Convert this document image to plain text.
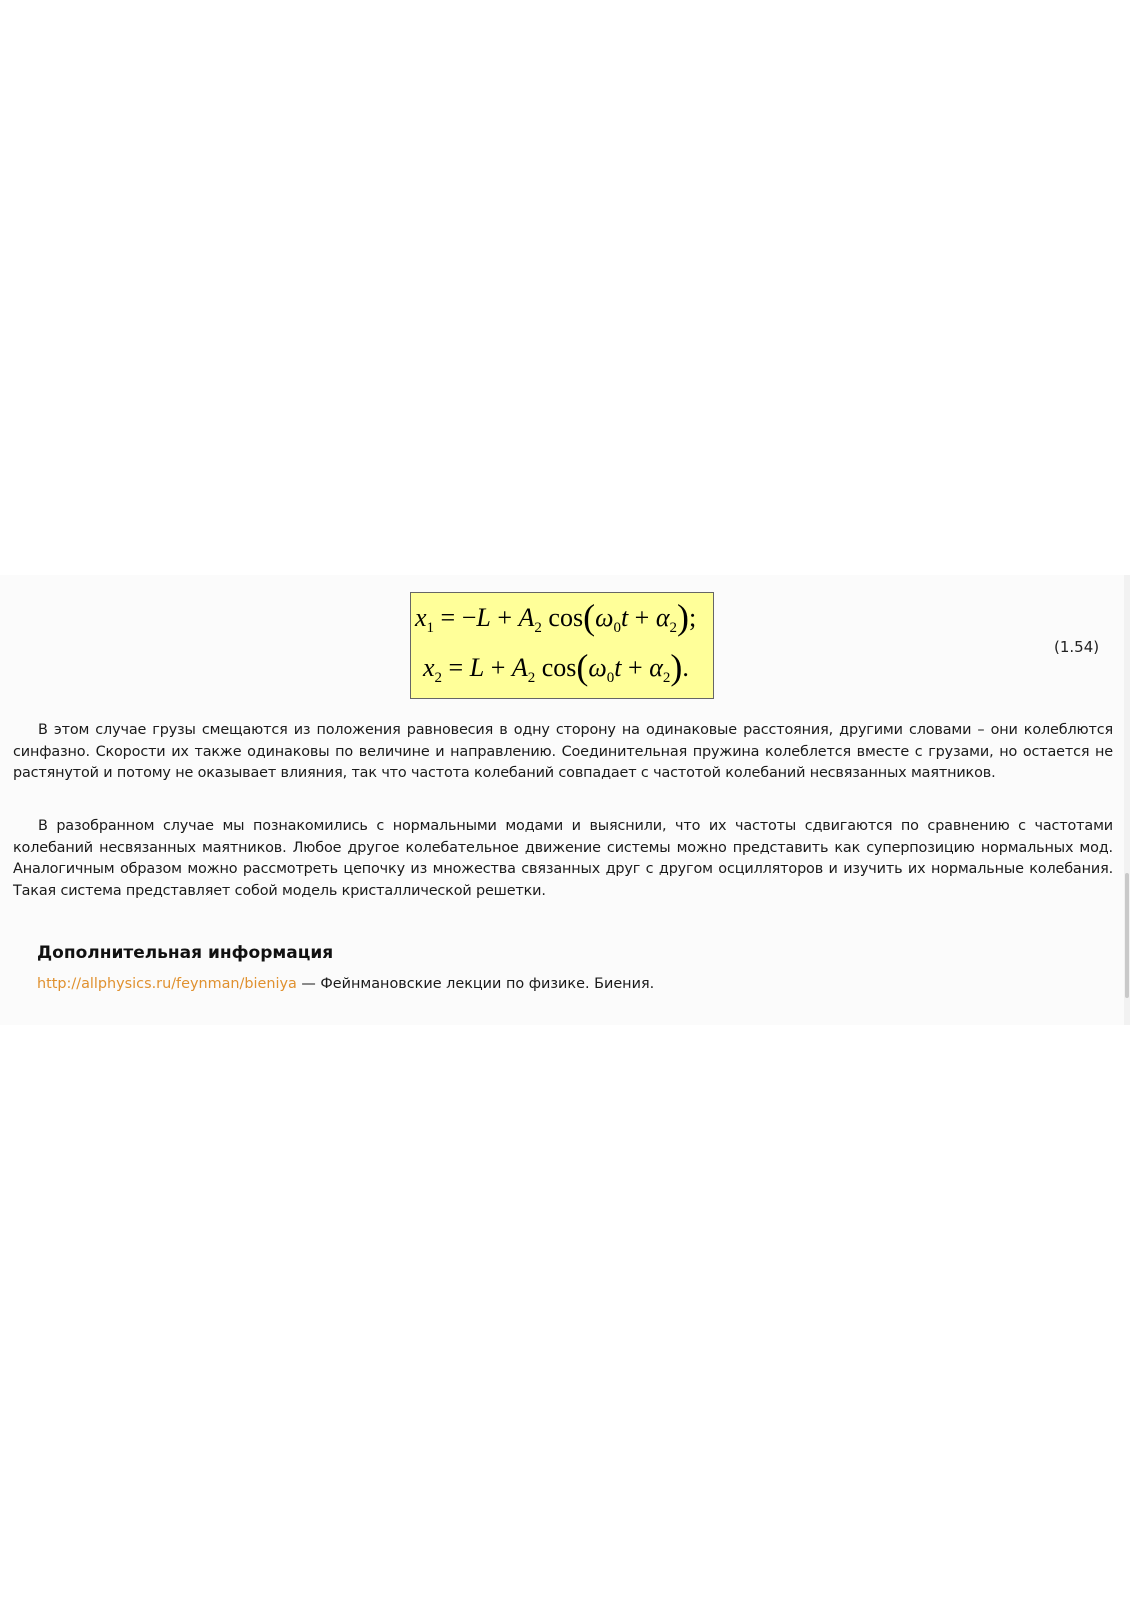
$x_1 = -L + A_2$ $\cos(\omega_0t + \alpha_2)$;
$x_2 = L + A_2$ $\cos(\omega_0t + \alpha_2)$.
(1.54)

В этом случае грузы смещаются из положения равновесия в одну сторону на одинаковые расстояния, другими словами – они колеблются синфазно. Скорости их также одинаковы по величине и направлению. Соединительная пружина колеблется вместе с грузами, но остается не растянутой и потому не оказывает влияния, так что частота колебаний совпадает с частотой колебаний несвязанных маятников.

В разобранном случае мы познакомились с нормальными модами и выяснили, что их частоты сдвигаются по сравнению с частотами колебаний несвязанных маятников. Любое другое колебательное движение системы можно представить как суперпозицию нормальных мод. Аналогичным образом можно рассмотреть цепочку из множества связанных друг с другом осцилляторов и изучить их нормальные колебания. Такая система представляет собой модель кристаллической решетки.

Дополнительная информация
http://allphysics.ru/feynman/bieniya — Фейнмановские лекции по физике. Биения.
